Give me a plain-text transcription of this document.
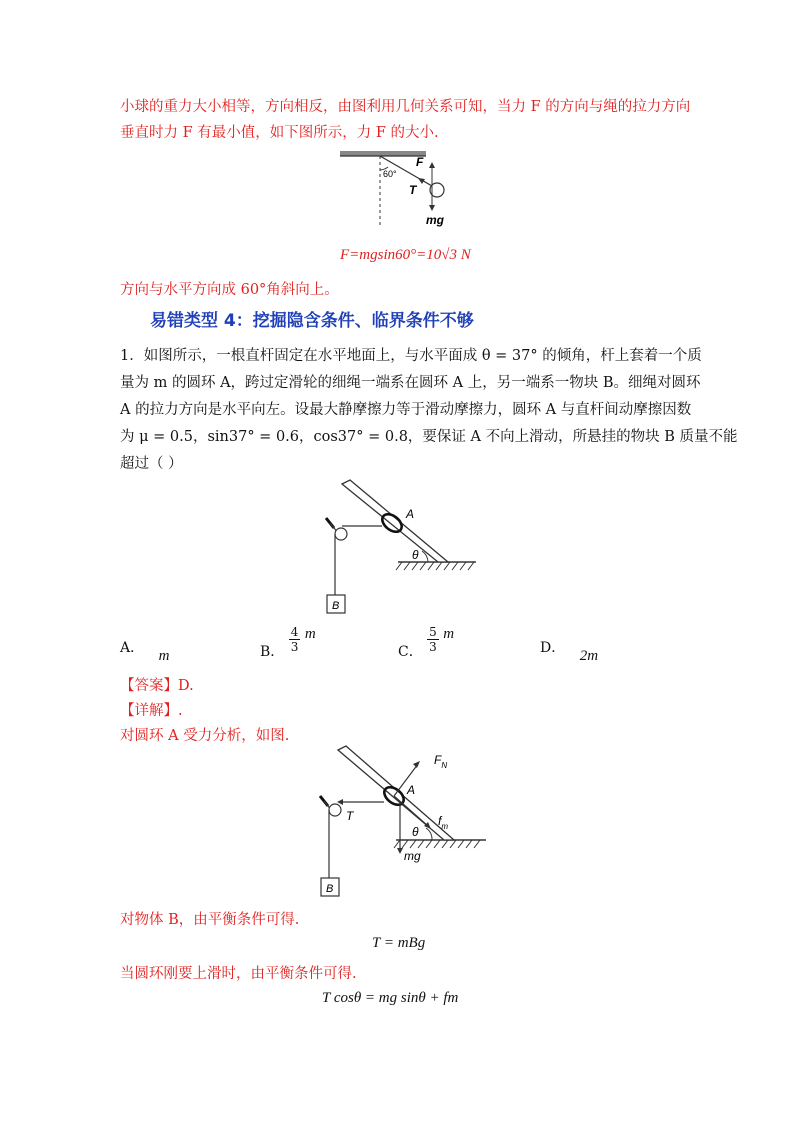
小球的重力大小相等，方向相反，由图利用几何关系可知，当力 F 的方向与绳的拉力方向
垂直时力 F 有最小值，如下图所示，力 F 的大小.
60°
F
T
mg
F=mgsin60°=10√3 N
方向与水平方向成 60°角斜向上。
易错类型 4：挖掘隐含条件、临界条件不够
1．如图所示，一根直杆固定在水平地面上，与水平面成 θ = 37° 的倾角，杆上套着一个质
量为 m 的圆环 A，跨过定滑轮的细绳一端系在圆环 A 上，另一端系一物块 B。细绳对圆环
A 的拉力方向是水平向左。设最大静摩擦力等于滑动摩擦力，圆环 A 与直杆间动摩擦因数
为 μ = 0.5，sin37° = 0.6，cos37° = 0.8，要保证 A 不向上滑动，所悬挂的物块 B 质量不能
超过（ ）
θ
A
B
A． m	B． $\frac{4}{3}$ m
C． $\frac{5}{3}$ m
D． 2m
【答案】D.
【详解】.
对圆环 A 受力分析，如图.
A
$F_N$
$f_m$
T
mg
θ
B
对物体 B，由平衡条件可得.
T = mBg
当圆环刚要上滑时，由平衡条件可得.
T cosθ = mg sinθ + fm
